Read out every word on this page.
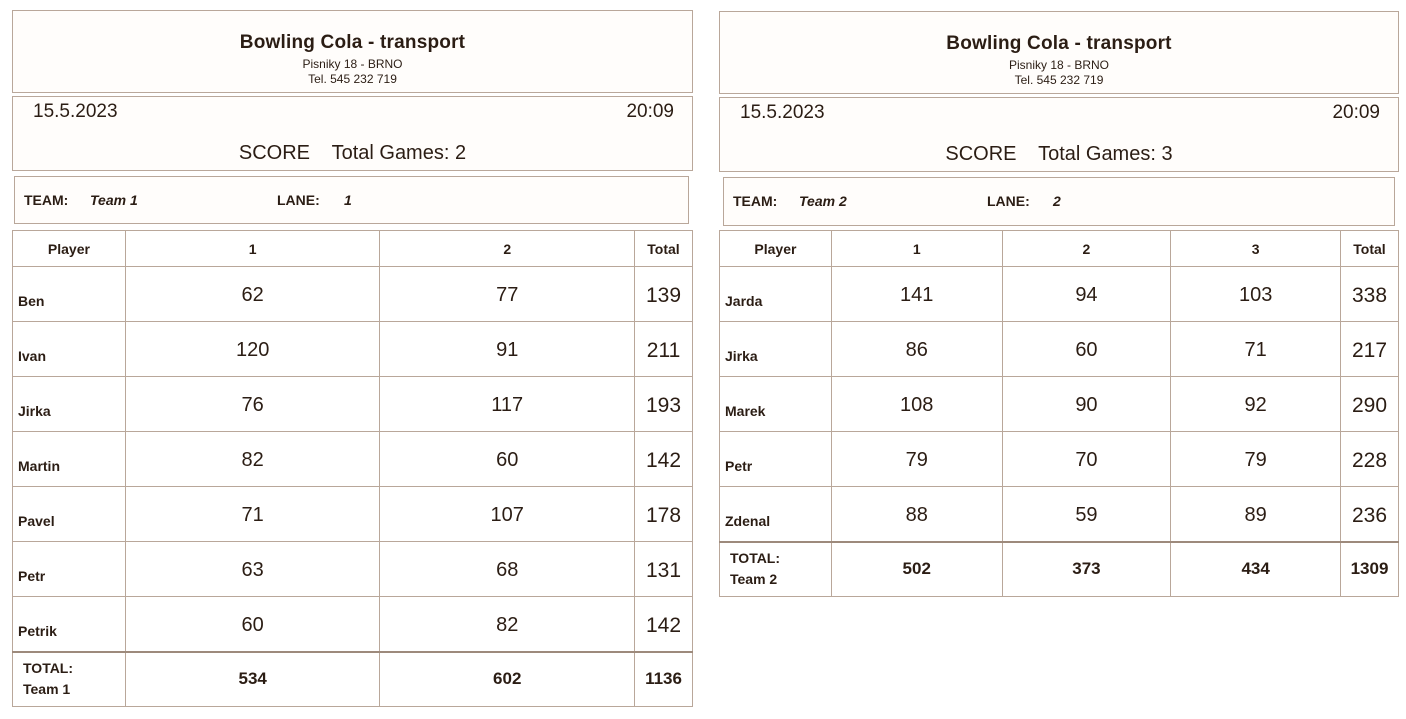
Bowling Cola - transport
Pisniky 18 - BRNO
Tel. 545 232 719
15.5.2023	20:09
SCORE Total Games: 2
TEAM: Team 1	LANE: 1
Player	1	2	Total
Ben	62	77	139
Ivan	120	91	211
Jirka	76	117	193
Martin	82	60	142
Pavel	71	107	178
Petr	63	68	131
Petrik	60	82	142

TOTAL:
Team 1	534	602	1136
Bowling Cola - transport
Pisniky 18 - BRNO
Tel. 545 232 719
15.5.2023	20:09
SCORE Total Games: 3
TEAM: Team 2	LANE: 2
Player	1	2	3	Total
Jarda	141	94	103	338
Jirka	86	60	71	217
Marek	108	90	92	290
Petr	79	70	79	228
Zdenal	88	59	89	236

TOTAL:
Team 2	502	373	434	1309
